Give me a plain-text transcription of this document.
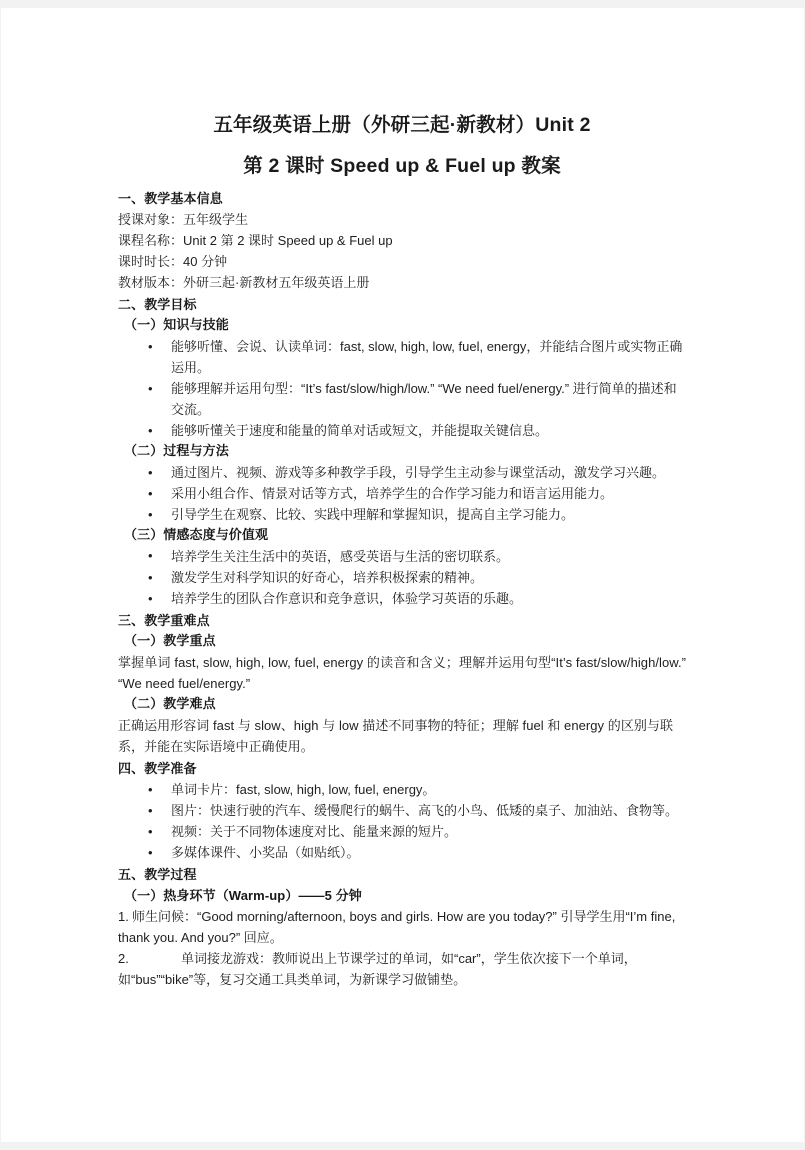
五年级英语上册（外研三起·新教材）Unit 2
第 2 课时 Speed up & Fuel up 教案
一、教学基本信息
授课对象：五年级学生
课程名称：Unit 2 第 2 课时 Speed up & Fuel up
课时时长：40 分钟
教材版本：外研三起·新教材五年级英语上册
二、教学目标
（一）知识与技能
• 能够听懂、会说、认读单词：fast, slow, high, low, fuel, energy，并能结合图片或实物正确运用。
• 能够理解并运用句型：“It’s fast/slow/high/low.” “We need fuel/energy.” 进行简单的描述和交流。
• 能够听懂关于速度和能量的简单对话或短文，并能提取关键信息。
（二）过程与方法
• 通过图片、视频、游戏等多种教学手段，引导学生主动参与课堂活动，激发学习兴趣。
• 采用小组合作、情景对话等方式，培养学生的合作学习能力和语言运用能力。
• 引导学生在观察、比较、实践中理解和掌握知识，提高自主学习能力。
（三）情感态度与价值观
• 培养学生关注生活中的英语，感受英语与生活的密切联系。
• 激发学生对科学知识的好奇心，培养积极探索的精神。
• 培养学生的团队合作意识和竞争意识，体验学习英语的乐趣。
三、教学重难点
（一）教学重点
掌握单词 fast, slow, high, low, fuel, energy 的读音和含义；理解并运用句型“It’s fast/slow/high/low.” “We need fuel/energy.”
（二）教学难点
正确运用形容词 fast 与 slow、high 与 low 描述不同事物的特征；理解 fuel 和 energy 的区别与联系，并能在实际语境中正确使用。
四、教学准备
• 单词卡片：fast, slow, high, low, fuel, energy。
• 图片：快速行驶的汽车、缓慢爬行的蜗牛、高飞的小鸟、低矮的桌子、加油站、食物等。
• 视频：关于不同物体速度对比、能量来源的短片。
• 多媒体课件、小奖品（如贴纸）。
五、教学过程
（一）热身环节（Warm-up）——5 分钟
1. 师生问候：“Good morning/afternoon, boys and girls. How are you today?” 引导学生用“I’m fine, thank you. And you?” 回应。
2.	单词接龙游戏：教师说出上节课学过的单词，如“car”，学生依次接下一个单词，如“bus”“bike”等，复习交通工具类单词，为新课学习做铺垫。
